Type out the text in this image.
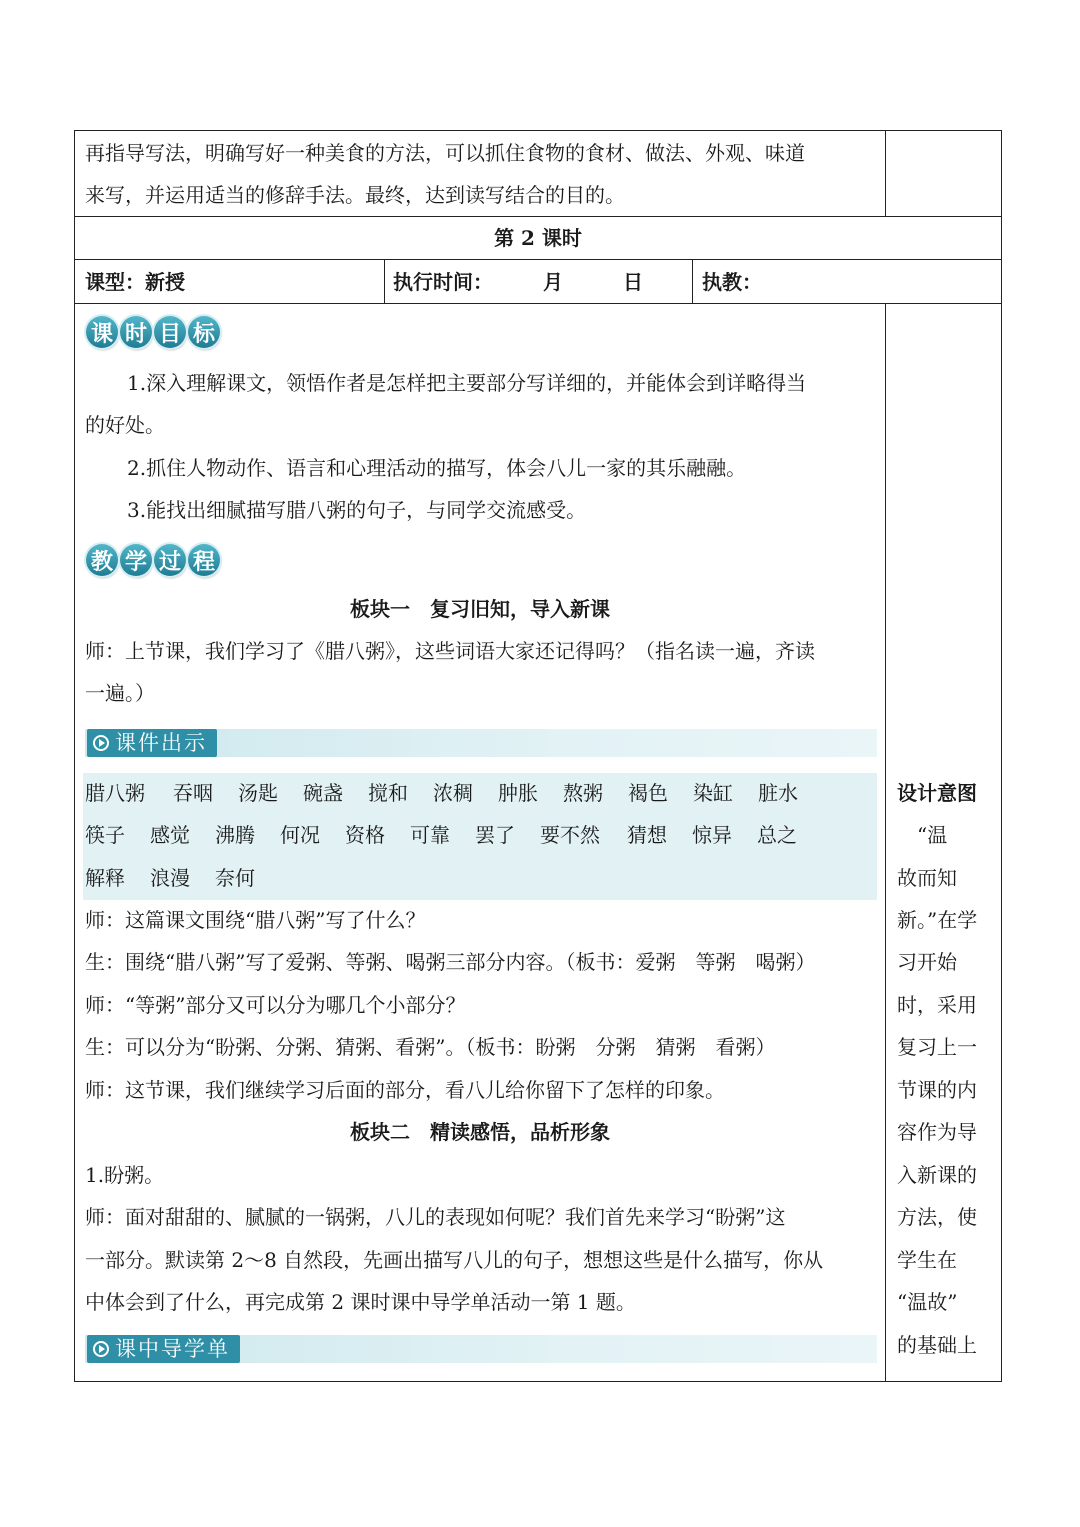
再指导写法，明确写好一种美食的方法，可以抓住食物的食材、做法、外观、味道
来写，并运用适当的修辞手法。最终，达到读写结合的目的。
第 2 课时
课型：新授	执行时间：　　　月　　　日	执教：
课 时 目 标
1.深入理解课文，领悟作者是怎样把主要部分写详细的，并能体会到详略得当
的好处。
2.抓住人物动作、语言和心理活动的描写，体会八儿一家的其乐融融。
3.能找出细腻描写腊八粥的句子，与同学交流感受。
教 学 过 程
板块一　复习旧知，导入新课
师：上节课，我们学习了《腊八粥》，这些词语大家还记得吗？（指名读一遍，齐读
一遍。）
课件出示
腊八粥	吞咽	汤匙	碗盏	搅和	浓稠	肿胀	熬粥	褐色	染缸	脏水
筷子	感觉	沸腾	何况	资格	可靠	罢了	要不然	猜想	惊异	总之
解释	浪漫	奈何
师：这篇课文围绕“腊八粥”写了什么？
生：围绕“腊八粥”写了爱粥、等粥、喝粥三部分内容。（板书：爱粥　等粥　喝粥）
师：“等粥”部分又可以分为哪几个小部分？
生：可以分为“盼粥、分粥、猜粥、看粥”。（板书：盼粥　分粥　猜粥　看粥）
师：这节课，我们继续学习后面的部分，看八儿给你留下了怎样的印象。
板块二　精读感悟，品析形象
1.盼粥。
师：面对甜甜的、腻腻的一锅粥，八儿的表现如何呢？我们首先来学习“盼粥”这
一部分。默读第 2～8 自然段，先画出描写八儿的句子，想想这些是什么描写，你从
中体会到了什么，再完成第 2 课时课中导学单活动一第 1 题。
课中导学单
设计意图
　“温
故而知
新。”在学
习开始
时，采用
复习上一
节课的内
容作为导
入新课的
方法，使
学生在
“温故”
的基础上
